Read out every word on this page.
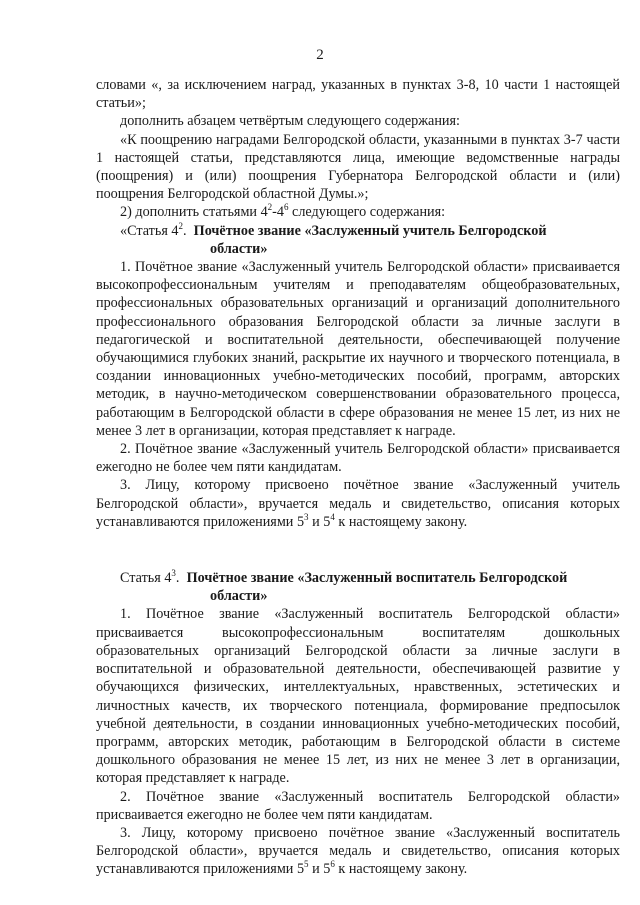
2

словами «, за исключением наград, указанных в пунктах 3-8, 10 части 1 настоящей статьи»;

дополнить абзацем четвёртым следующего содержания:

«К поощрению наградами Белгородской области, указанными в пунктах 3-7 части 1 настоящей статьи, представляются лица, имеющие ведомственные награды (поощрения) и (или) поощрения Губернатора Белгородской области и (или) поощрения Белгородской областной Думы.»;

2) дополнить статьями $4^2-4^6$ следующего содержания:

«Статья $4^2$. Почётное звание «Заслуженный учитель Белгородской
области»

1. Почётное звание «Заслуженный учитель Белгородской области» присваивается высокопрофессиональным учителям и преподавателям общеобразовательных, профессиональных образовательных организаций и организаций дополнительного профессионального образования Белгородской области за личные заслуги в педагогической и воспитательной деятельности, обеспечивающей получение обучающимися глубоких знаний, раскрытие их научного и творческого потенциала, в создании инновационных учебно-методических пособий, программ, авторских методик, в научно-методическом совершенствовании образовательного процесса, работающим в Белгородской области в сфере образования не менее 15 лет, из них не менее 3 лет в организации, которая представляет к награде.

2. Почётное звание «Заслуженный учитель Белгородской области» присваивается ежегодно не более чем пяти кандидатам.

3. Лицу, которому присвоено почётное звание «Заслуженный учитель Белгородской области», вручается медаль и свидетельство, описания которых устанавливаются приложениями $5^3$ и $5^4$ к настоящему закону.

Статья $4^3$. Почётное звание «Заслуженный воспитатель Белгородской
области»

1. Почётное звание «Заслуженный воспитатель Белгородской области» присваивается высокопрофессиональным воспитателям дошкольных образовательных организаций Белгородской области за личные заслуги в воспитательной и образовательной деятельности, обеспечивающей развитие у обучающихся физических, интеллектуальных, нравственных, эстетических и личностных качеств, их творческого потенциала, формирование предпосылок учебной деятельности, в создании инновационных учебно-методических пособий, программ, авторских методик, работающим в Белгородской области в системе дошкольного образования не менее 15 лет, из них не менее 3 лет в организации, которая представляет к награде.

2. Почётное звание «Заслуженный воспитатель Белгородской области» присваивается ежегодно не более чем пяти кандидатам.

3. Лицу, которому присвоено почётное звание «Заслуженный воспитатель Белгородской области», вручается медаль и свидетельство, описания которых устанавливаются приложениями $5^5$ и $5^6$ к настоящему закону.
